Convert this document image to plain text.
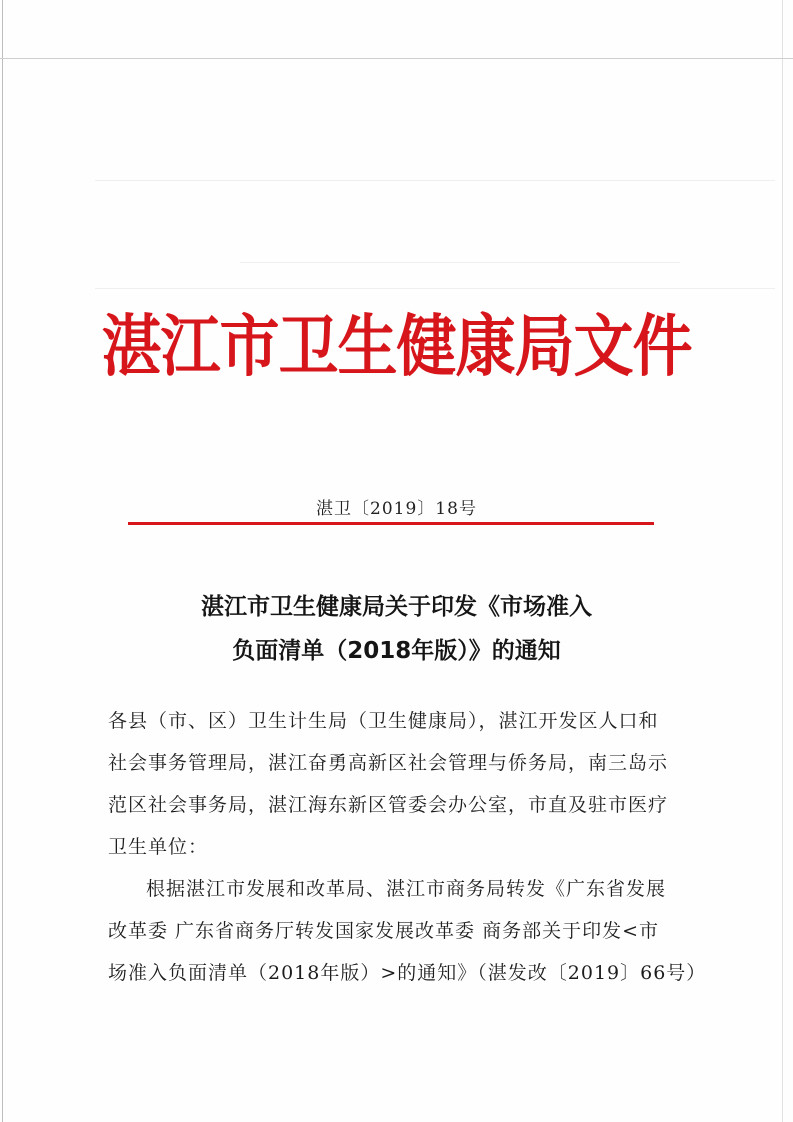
湛江市卫生健康局文件
湛卫〔2019〕18号
湛江市卫生健康局关于印发《市场准入
负面清单（2018年版）》的通知
各县（市、区）卫生计生局（卫生健康局），湛江开发区人口和
社会事务管理局，湛江奋勇高新区社会管理与侨务局，南三岛示
范区社会事务局，湛江海东新区管委会办公室，市直及驻市医疗
卫生单位：
根据湛江市发展和改革局、湛江市商务局转发《广东省发展
改革委 广东省商务厅转发国家发展改革委 商务部关于印发<市
场准入负面清单（2018年版）>的通知》（湛发改〔2019〕66号）
